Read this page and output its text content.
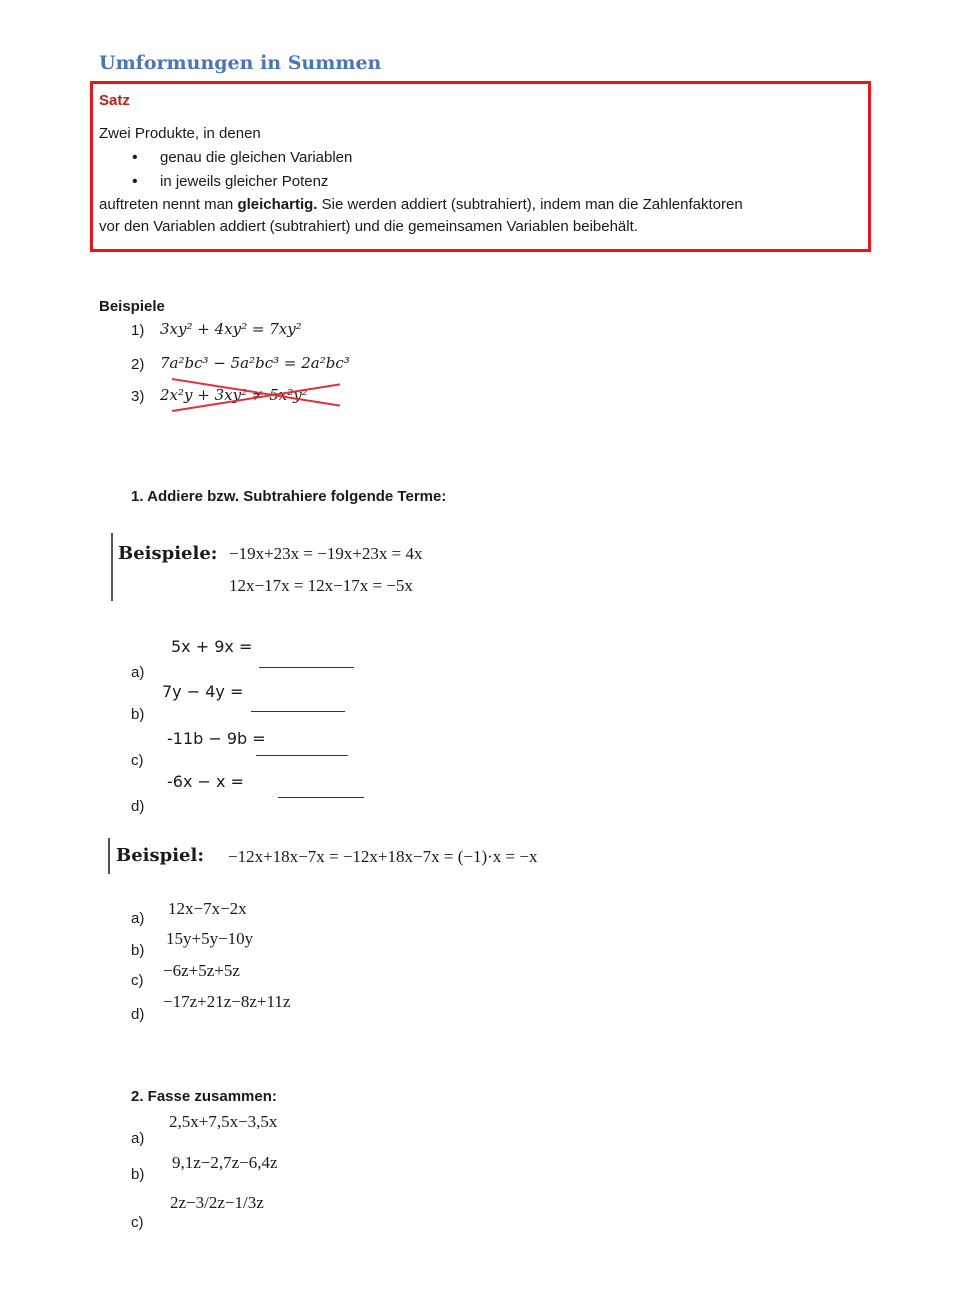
Umformungen in Summen
Satz
Zwei Produkte, in denen
• genau die gleichen Variablen
• in jeweils gleicher Potenz
auftreten nennt man gleichartig. Sie werden addiert (subtrahiert), indem man die Zahlenfaktoren
vor den Variablen addiert (subtrahiert) und die gemeinsamen Variablen beibehält.
Beispiele
1) 3xy² + 4xy² = 7xy²
2) 7a²bc³ − 5a²bc³ = 2a²bc³
3) 2x²y + 3xy² ≠ 5x²y²
1. Addiere bzw. Subtrahiere folgende Terme:
Beispiele: −19x+23x = −19x+23x = 4x
12x−17x = 12x−17x = −5x
5x + 9x =
a)
7y − 4y =
b)
-11b − 9b =
c)
-6x − x =
d)
Beispiel: −12x+18x−7x = −12x+18x−7x = (−1)·x = −x
12x−7x−2x
a)
15y+5y−10y
b)
−6z+5z+5z
c)
−17z+21z−8z+11z
d)
2. Fasse zusammen:
2,5x+7,5x−3,5x
a)
9,1z−2,7z−6,4z
b)
2z−3/2z−1/3z
c)
